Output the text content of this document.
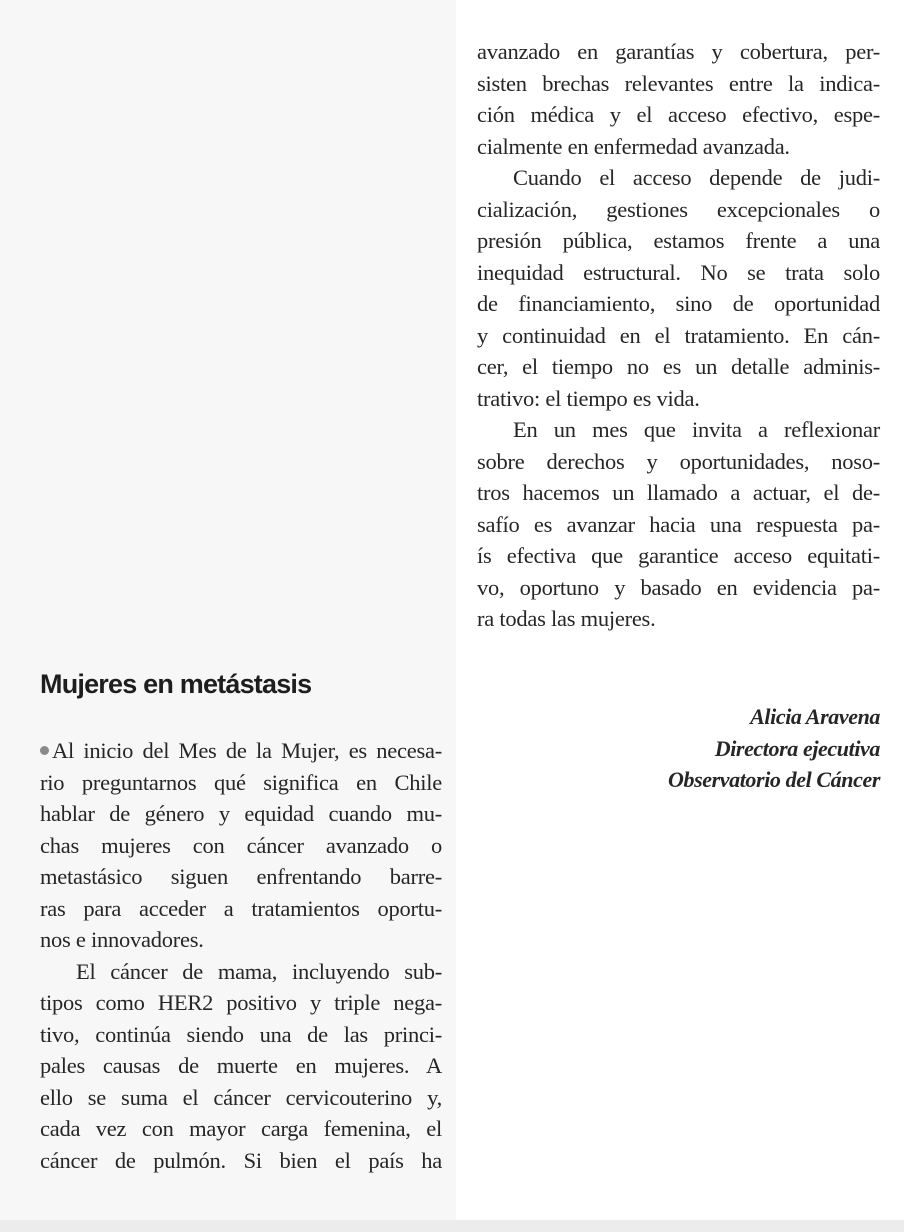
avanzado en garantías y cobertura, per-
sisten brechas relevantes entre la indica-
ción médica y el acceso efectivo, espe-
cialmente en enfermedad avanzada.
Cuando el acceso depende de judi-
cialización, gestiones excepcionales o
presión pública, estamos frente a una
inequidad estructural. No se trata solo
de financiamiento, sino de oportunidad
y continuidad en el tratamiento. En cán-
cer, el tiempo no es un detalle adminis-
trativo: el tiempo es vida.
En un mes que invita a reflexionar
sobre derechos y oportunidades, noso-
tros hacemos un llamado a actuar, el de-
safío es avanzar hacia una respuesta pa-
ís efectiva que garantice acceso equitati-
vo, oportuno y basado en evidencia pa-
ra todas las mujeres.
Mujeres en metástasis
Alicia Aravena
Directora ejecutiva
Observatorio del Cáncer
Al inicio del Mes de la Mujer, es necesa-
rio preguntarnos qué significa en Chile
hablar de género y equidad cuando mu-
chas mujeres con cáncer avanzado o
metastásico siguen enfrentando barre-
ras para acceder a tratamientos oportu-
nos e innovadores.
El cáncer de mama, incluyendo sub-
tipos como HER2 positivo y triple nega-
tivo, continúa siendo una de las princi-
pales causas de muerte en mujeres. A
ello se suma el cáncer cervicouterino y,
cada vez con mayor carga femenina, el
cáncer de pulmón. Si bien el país ha
